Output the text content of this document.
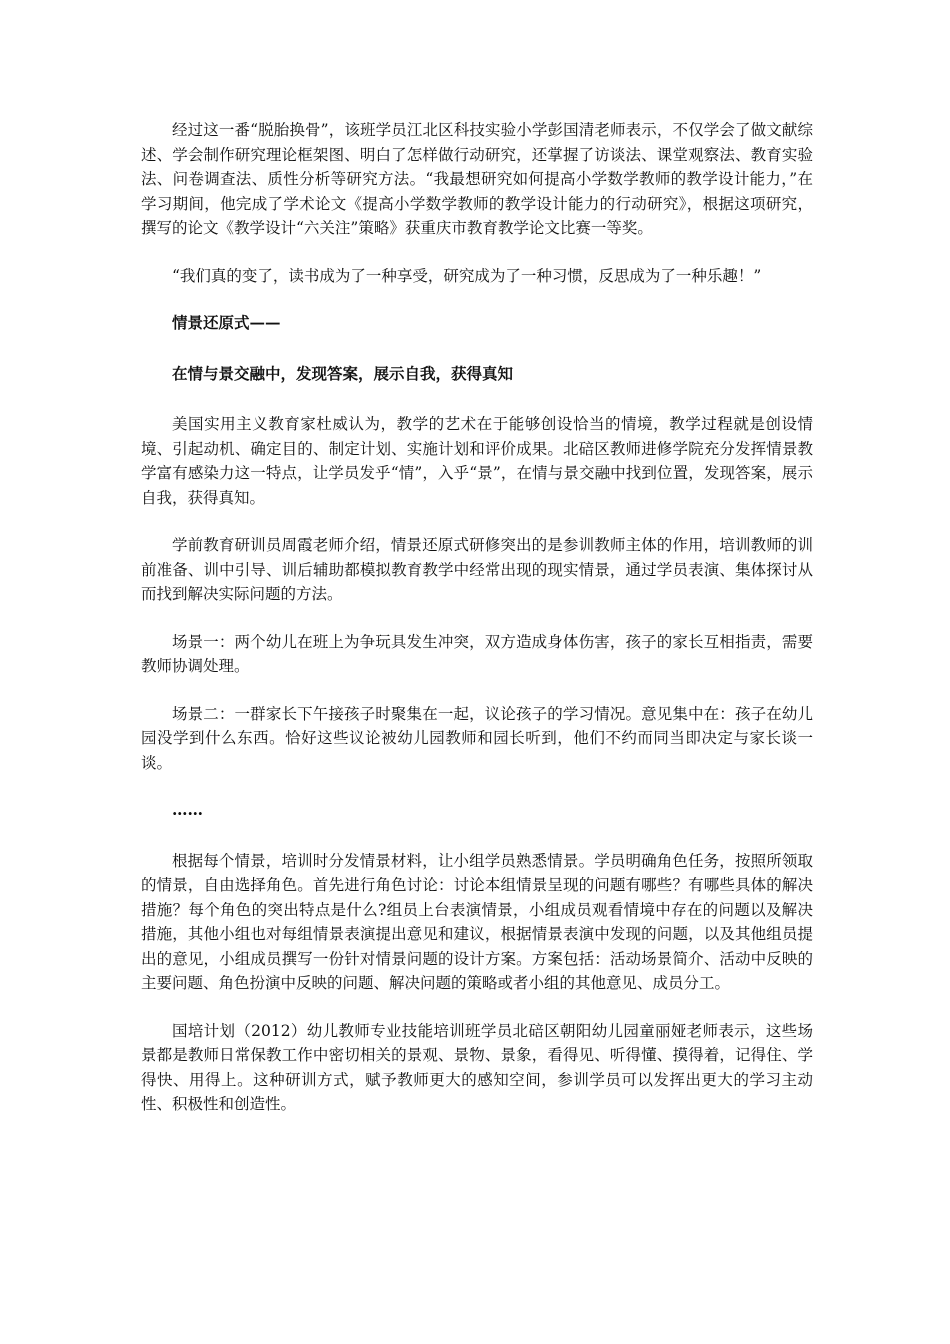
经过这一番“脱胎换骨”，该班学员江北区科技实验小学彭国清老师表示，不仅学会了做文献综述、学会制作研究理论框架图、明白了怎样做行动研究，还掌握了访谈法、课堂观察法、教育实验法、问卷调查法、质性分析等研究方法。“我最想研究如何提高小学数学教师的教学设计能力，”在学习期间，他完成了学术论文《提高小学数学教师的教学设计能力的行动研究》，根据这项研究，撰写的论文《教学设计“六关注”策略》获重庆市教育教学论文比赛一等奖。

“我们真的变了，读书成为了一种享受，研究成为了一种习惯，反思成为了一种乐趣！”

情景还原式——

在情与景交融中，发现答案，展示自我，获得真知

美国实用主义教育家杜威认为，教学的艺术在于能够创设恰当的情境，教学过程就是创设情境、引起动机、确定目的、制定计划、实施计划和评价成果。北碚区教师进修学院充分发挥情景教学富有感染力这一特点，让学员发乎“情”，入乎“景”，在情与景交融中找到位置，发现答案，展示自我，获得真知。

学前教育研训员周霞老师介绍，情景还原式研修突出的是参训教师主体的作用，培训教师的训前准备、训中引导、训后辅助都模拟教育教学中经常出现的现实情景，通过学员表演、集体探讨从而找到解决实际问题的方法。

场景一：两个幼儿在班上为争玩具发生冲突，双方造成身体伤害，孩子的家长互相指责，需要教师协调处理。

场景二：一群家长下午接孩子时聚集在一起，议论孩子的学习情况。意见集中在：孩子在幼儿园没学到什么东西。恰好这些议论被幼儿园教师和园长听到，他们不约而同当即决定与家长谈一谈。

……

根据每个情景，培训时分发情景材料，让小组学员熟悉情景。学员明确角色任务，按照所领取的情景，自由选择角色。首先进行角色讨论：讨论本组情景呈现的问题有哪些？有哪些具体的解决措施？每个角色的突出特点是什么?组员上台表演情景，小组成员观看情境中存在的问题以及解决措施，其他小组也对每组情景表演提出意见和建议，根据情景表演中发现的问题，以及其他组员提出的意见，小组成员撰写一份针对情景问题的设计方案。方案包括：活动场景简介、活动中反映的主要问题、角色扮演中反映的问题、解决问题的策略或者小组的其他意见、成员分工。

国培计划（2012）幼儿教师专业技能培训班学员北碚区朝阳幼儿园童丽娅老师表示，这些场景都是教师日常保教工作中密切相关的景观、景物、景象，看得见、听得懂、摸得着，记得住、学得快、用得上。这种研训方式，赋予教师更大的感知空间，参训学员可以发挥出更大的学习主动性、积极性和创造性。
